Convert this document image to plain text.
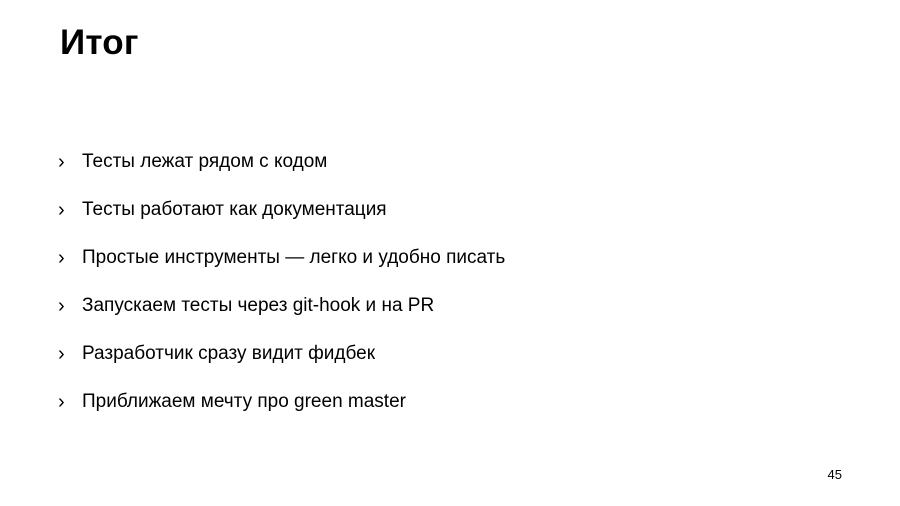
Итог
› Тесты лежат рядом с кодом
› Тесты работают как документация
› Простые инструменты — легко и удобно писать
› Запускаем тесты через git-hook и на PR
› Разработчик сразу видит фидбек
› Приближаем мечту про green master
45
